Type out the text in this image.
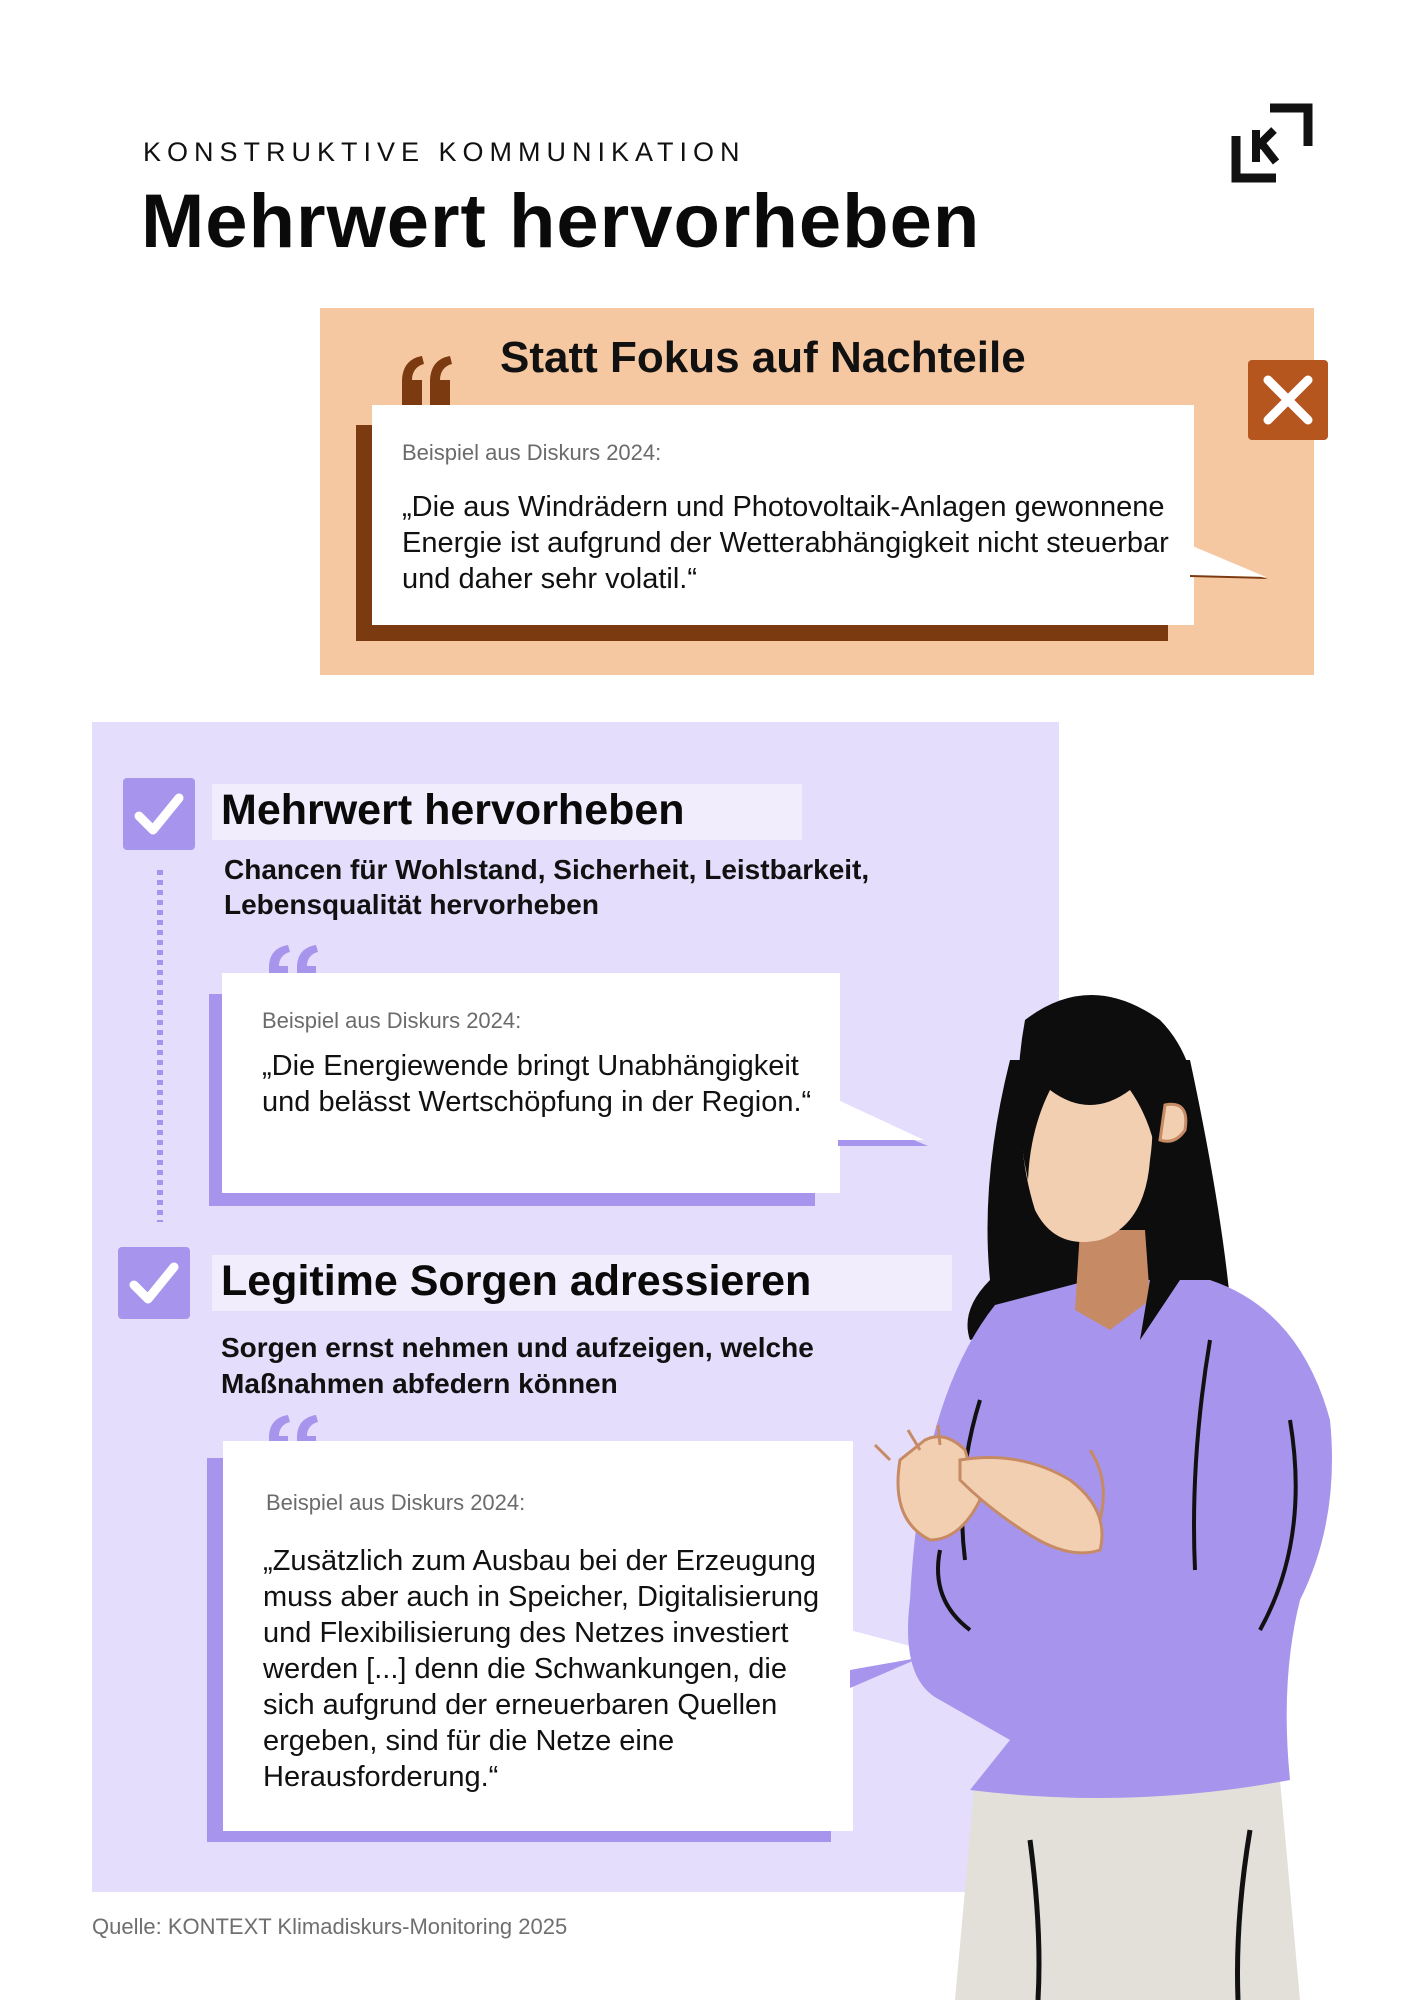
KONSTRUKTIVE KOMMUNIKATION
Mehrwert hervorheben
Statt Fokus auf Nachteile
Beispiel aus Diskurs 2024:
„Die aus Windrädern und Photovoltaik-Anlagen gewonnene Energie ist aufgrund der Wetterabhängigkeit nicht steuerbar und daher sehr volatil.“
Mehrwert hervorheben
Chancen für Wohlstand, Sicherheit, Leistbarkeit, Lebensqualität hervorheben
Beispiel aus Diskurs 2024:
„Die Energiewende bringt Unabhängigkeit und belässt Wertschöpfung in der Region.“
Legitime Sorgen adressieren
Sorgen ernst nehmen und aufzeigen, welche Maßnahmen abfedern können
Beispiel aus Diskurs 2024:
„Zusätzlich zum Ausbau bei der Erzeugung muss aber auch in Speicher, Digitalisierung und Flexibilisierung des Netzes investiert werden [...] denn die Schwankungen, die sich aufgrund der erneuerbaren Quellen ergeben, sind für die Netze eine Herausforderung.“
Quelle: KONTEXT Klimadiskurs-Monitoring 2025
